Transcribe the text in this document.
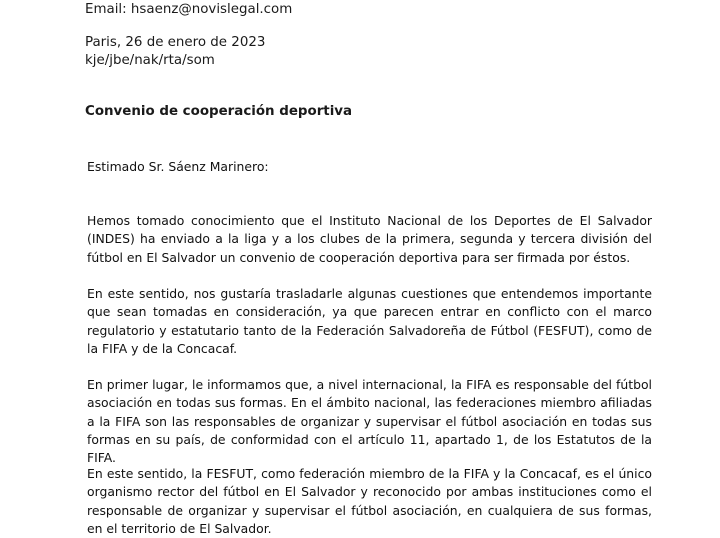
Email: hsaenz@novislegal.com
Paris, 26 de enero de 2023
kje/jbe/nak/rta/som
Convenio de cooperación deportiva
Estimado Sr. Sáenz Marinero:
Hemos tomado conocimiento que el Instituto Nacional de los Deportes de El Salvador (INDES) ha enviado a la liga y a los clubes de la primera, segunda y tercera división del fútbol en El Salvador un convenio de cooperación deportiva para ser firmada por éstos.
En este sentido, nos gustaría trasladarle algunas cuestiones que entendemos importante que sean tomadas en consideración, ya que parecen entrar en conflicto con el marco regulatorio y estatutario tanto de la Federación Salvadoreña de Fútbol (FESFUT), como de la FIFA y de la Concacaf.
En primer lugar, le informamos que, a nivel internacional, la FIFA es responsable del fútbol asociación en todas sus formas. En el ámbito nacional, las federaciones miembro afiliadas a la FIFA son las responsables de organizar y supervisar el fútbol asociación en todas sus formas en su país, de conformidad con el artículo 11, apartado 1, de los Estatutos de la FIFA.
En este sentido, la FESFUT, como federación miembro de la FIFA y la Concacaf, es el único organismo rector del fútbol en El Salvador y reconocido por ambas instituciones como el responsable de organizar y supervisar el fútbol asociación, en cualquiera de sus formas, en el territorio de El Salvador.
